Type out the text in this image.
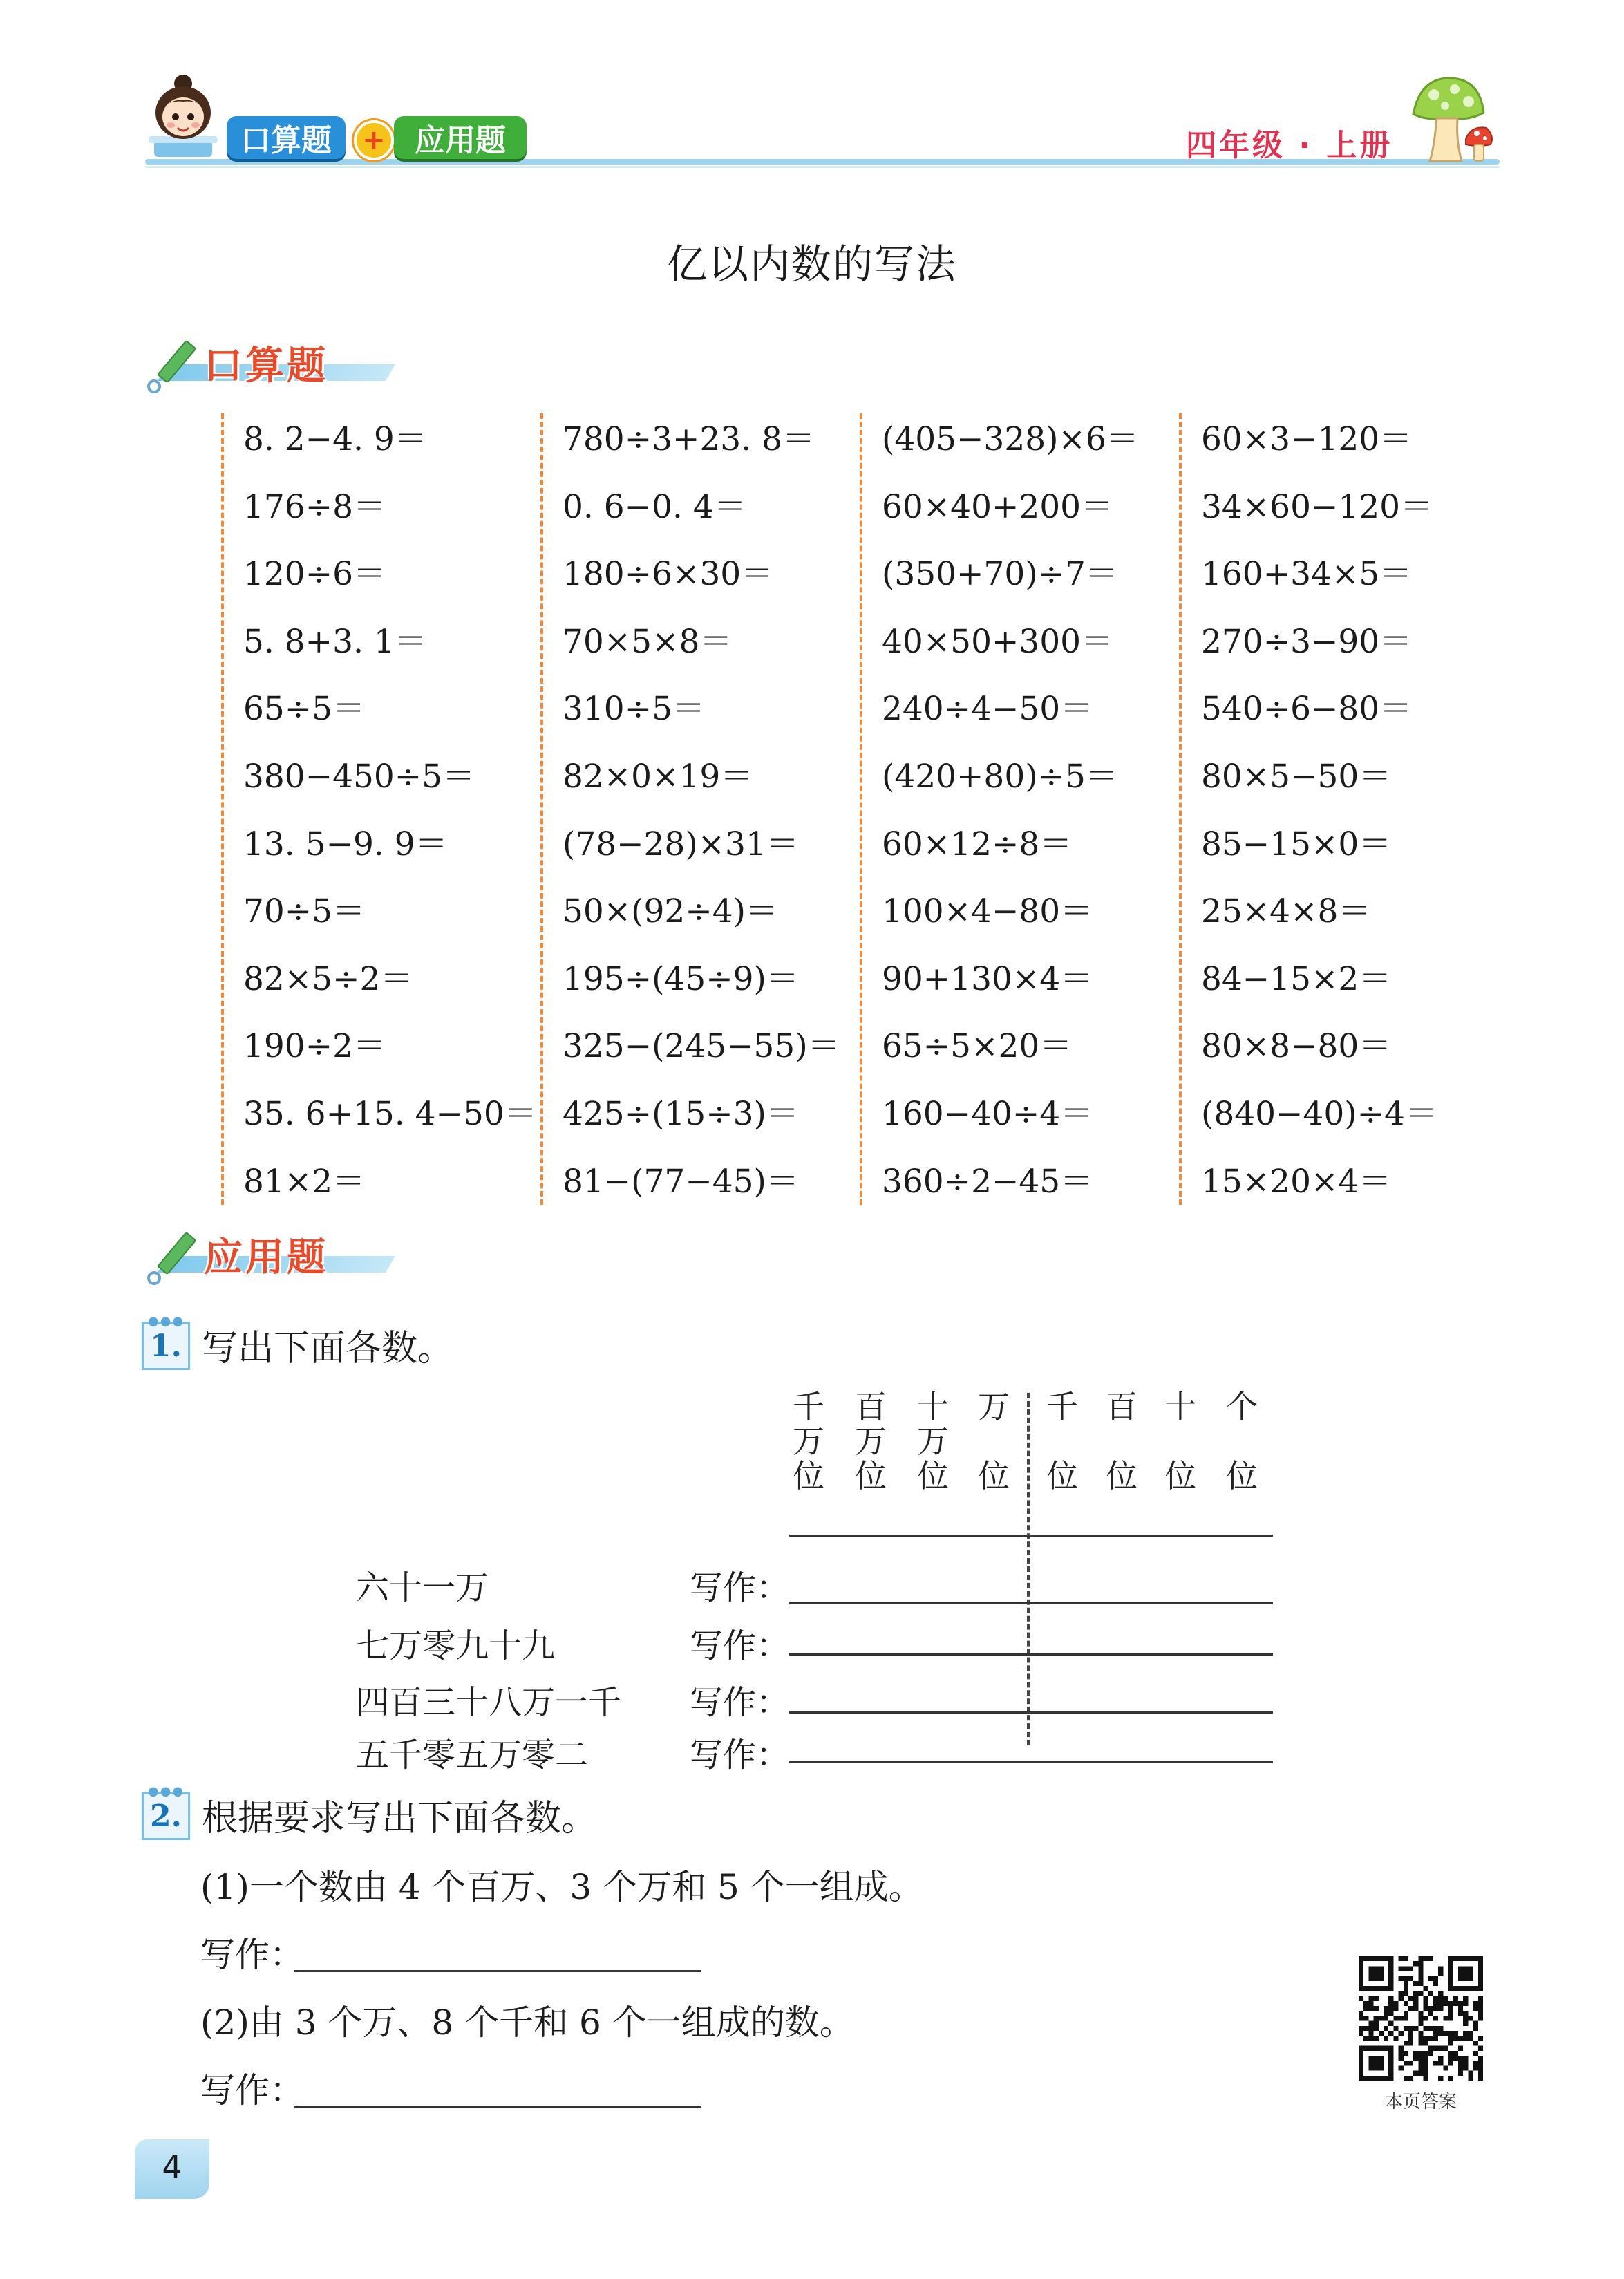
口算题	+ 应用题	四年级 · 上册
亿以内数的写法
口算题
8. 2−4. 9＝
176÷8＝
120÷6＝
5. 8+3. 1＝
65÷5＝
380−450÷5＝
13. 5−9. 9＝
70÷5＝
82×5÷2＝
190÷2＝
35. 6+15. 4−50＝
81×2＝
780÷3+23. 8＝
0. 6−0. 4＝
180÷6×30＝
70×5×8＝
310÷5＝
82×0×19＝
(78−28)×31＝
50×(92÷4)＝
195÷(45÷9)＝
325−(245−55)＝
425÷(15÷3)＝
81−(77−45)＝
(405−328)×6＝
60×40+200＝
(350+70)÷7＝
40×50+300＝
240÷4−50＝
(420+80)÷5＝
60×12÷8＝
100×4−80＝
90+130×4＝
65÷5×20＝
160−40÷4＝
360÷2−45＝
60×3−120＝
34×60−120＝
160+34×5＝
270÷3−90＝
540÷6−80＝
80×5−50＝
85−15×0＝
25×4×8＝
84−15×2＝
80×8−80＝
(840−40)÷4＝
15×20×4＝
应用题
●●●
1. 写出下面各数。
千
万
位
百
万
位
十
万
位
万
位
千
位
百
位
十
位
个
位
六十一万	写作：
七万零九十九	写作：
四百三十八万一千 写作：
五千零五万零二	写作：
●●●
2. 根据要求写出下面各数。
(1)一个数由 4 个百万、3 个万和 5 个一组成。
写作：
(2)由 3 个万、8 个千和 6 个一组成的数。
写作：	本页答案
4
